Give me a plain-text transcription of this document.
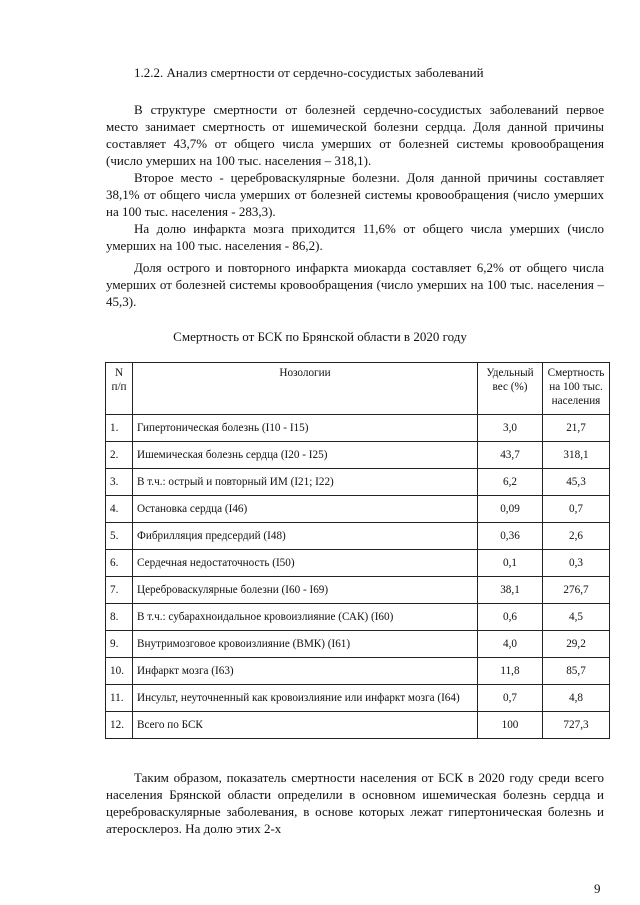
1.2.2. Анализ смертности от сердечно-сосудистых заболеваний

В структуре смертности от болезней сердечно-сосудистых заболеваний первое место занимает смертность от ишемической болезни сердца. Доля данной причины составляет 43,7% от общего числа умерших от болезней системы кровообращения (число умерших на 100 тыс. населения – 318,1).

Второе место - цереброваскулярные болезни. Доля данной причины составляет 38,1% от общего числа умерших от болезней системы кровообращения (число умерших на 100 тыс. населения - 283,3).

На долю инфаркта мозга приходится 11,6% от общего числа умерших (число умерших на 100 тыс. населения - 86,2).

Доля острого и повторного инфаркта миокарда составляет 6,2% от общего числа умерших от болезней системы кровообращения (число умерших на 100 тыс. населения – 45,3).

Смертность от БСК по Брянской области в 2020 году
N п/п	Нозологии	Удельный вес (%)	Смертность на 100 тыс. населения
1.	Гипертоническая болезнь (I10 - I15)	3,0	21,7
2.	Ишемическая болезнь сердца (I20 - I25)	43,7	318,1
3.	В т.ч.: острый и повторный ИМ (I21; I22)	6,2	45,3
4.	Остановка сердца (I46)	0,09	0,7
5.	Фибрилляция предсердий (I48)	0,36	2,6
6.	Сердечная недостаточность (I50)	0,1	0,3
7.	Цереброваскулярные болезни (I60 - I69)	38,1	276,7
8.	В т.ч.: субарахноидальное кровоизлияние (САК) (I60)	0,6	4,5
9.	Внутримозговое кровоизлияние (ВМК) (I61)	4,0	29,2
10.	Инфаркт мозга (I63)	11,8	85,7
11.	Инсульт, неуточненный как кровоизлияние или инфаркт мозга (I64)	0,7	4,8
12.	Всего по БСК	100	727,3

Таким образом, показатель смертности населения от БСК в 2020 году среди всего населения Брянской области определили в основном ишемическая болезнь сердца и цереброваскулярные заболевания, в основе которых лежат гипертоническая болезнь и атеросклероз. На долю этих 2-х

9
